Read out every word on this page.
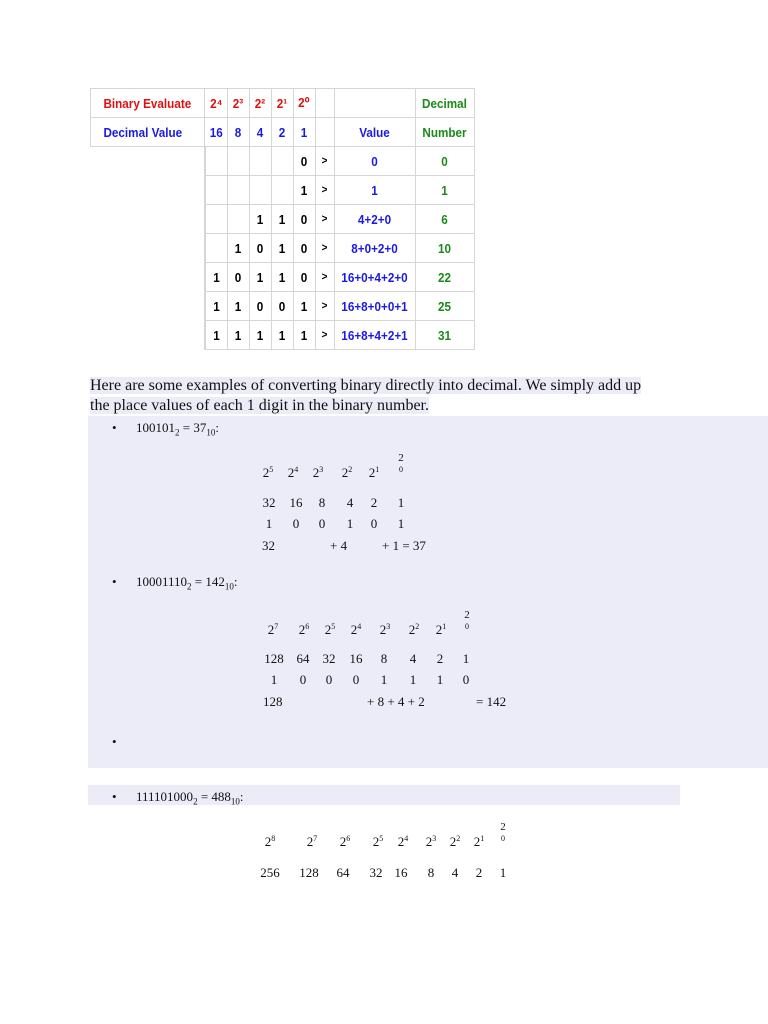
Binary Evaluate	2⁴	2³	2²	2¹	2⁰			Decimal
Decimal Value	16	8	4	2	1		Value	Number
					0	>	0	0
					1	>	1	1
			1	1	0	>	4+2+0	6
		1	0	1	0	>	8+0+2+0	10
	1	0	1	1	0	>	16+0+4+2+0	22
	1	1	0	0	1	>	16+8+0+0+1	25
	1	1	1	1	1	>	16+8+4+2+1	31
Here are some examples of converting binary directly into decimal. We simply add up
the place values of each 1 digit in the binary number.
•	$100101_2 = 37_{10}$:
$2^5$	$2^4$	$2^3$	$2^2$	$2^1$
2
0
32	16	8	4	2	1
1	0	0	1	0	1
32	+ 4	+ 1 = 37
•	$10001110_2 = 142_{10}$:
$2^7$	$2^6$	$2^5$	$2^4$	$2^3$	$2^2$	$2^1$
2
0
128 64	32	16	8	4	2	1
1	0	0	0	1	1	1	0
128	+ 8 + 4 + 2	= 142
•
•	$111101000_2 = 488_{10}$:
$2^8$	$2^7$	$2^6$	$2^5$	$2^4$	$2^3$	$2^2$	$2^1$
2
0
256	128	64	32 16	8	4	2	1
